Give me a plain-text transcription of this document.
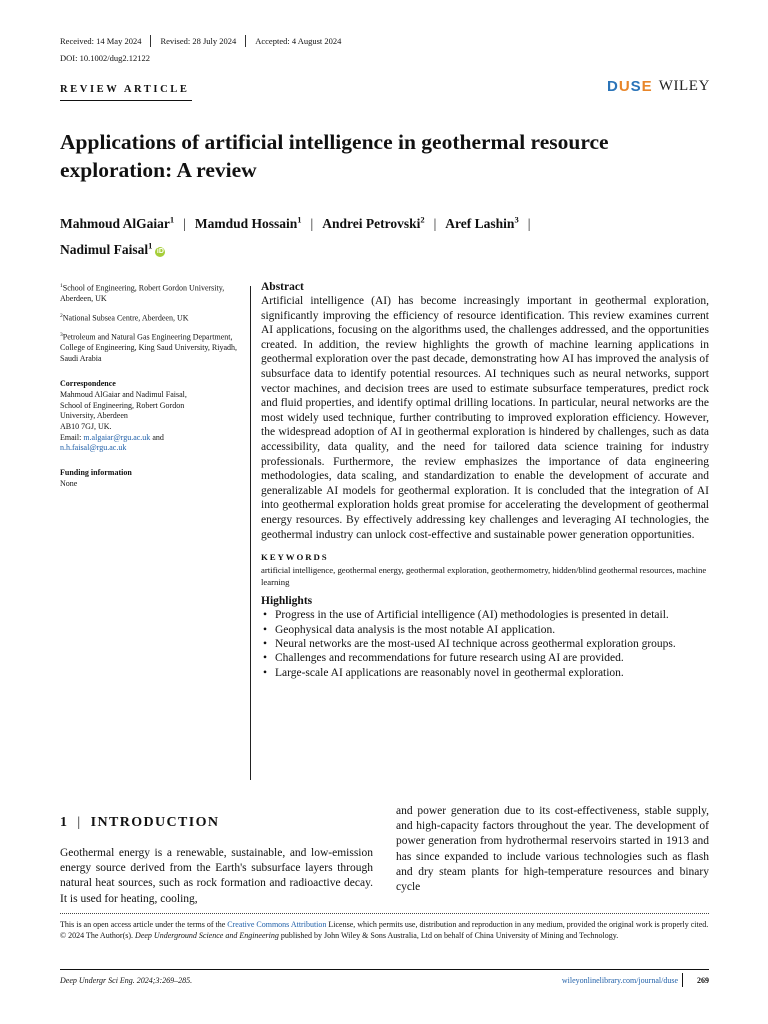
Received: 14 May 2024 Revised: 28 July 2024 Accepted: 4 August 2024
DOI: 10.1002/dug2.12122
REVIEW ARTICLE	DUSE WILEY
Applications of artificial intelligence in geothermal resource exploration: A review
Mahmoud AlGaiar$^1$ | Mamdud Hossain$^1$ | Andrei Petrovski$^2$ | Aref Lashin$^3$ |
Nadimul Faisal$^1$iD

$^1$School of Engineering, Robert Gordon University, Aberdeen, UK

$^2$National Subsea Centre, Aberdeen, UK

$^3$Petroleum and Natural Gas Engineering Department, College of Engineering, King Saud University, Riyadh, Saudi Arabia

Correspondence

Mahmoud AlGaiar and Nadimul Faisal,
School of Engineering, Robert Gordon
University, Aberdeen
AB10 7GJ, UK.
Email: m.algaiar@rgu.ac.uk and
n.h.faisal@rgu.ac.uk

Funding information

None
Abstract
Artificial intelligence (AI) has become increasingly important in geothermal exploration, significantly improving the efficiency of resource identification. This review examines current AI applications, focusing on the algorithms used, the challenges addressed, and the opportunities created. In addition, the review highlights the growth of machine learning applications in geothermal exploration over the past decade, demonstrating how AI has improved the analysis of subsurface data to identify potential resources. AI techniques such as neural networks, support vector machines, and decision trees are used to estimate subsurface temperatures, predict rock and fluid properties, and identify optimal drilling locations. In particular, neural networks are the most widely used technique, further contributing to improved exploration efficiency. However, the widespread adoption of AI in geothermal exploration is hindered by challenges, such as data accessibility, data quality, and the need for tailored data science training for industry professionals. Furthermore, the review emphasizes the importance of data engineering methodologies, data scaling, and standardization to enable the development of accurate and generalizable AI models for geothermal exploration. It is concluded that the integration of AI into geothermal exploration holds great promise for accelerating the development of geothermal energy resources. By effectively addressing key challenges and leveraging AI technologies, the geothermal industry can unlock cost-effective and sustainable power generation opportunities.
KEYWORDS
artificial intelligence, geothermal energy, geothermal exploration, geothermometry, hidden/blind geothermal resources, machine learning
Highlights
• Progress in the use of Artificial intelligence (AI) methodologies is presented in detail.
• Geophysical data analysis is the most notable AI application.
• Neural networks are the most-used AI technique across geothermal exploration groups.
• Challenges and recommendations for future research using AI are provided.
• Large-scale AI applications are reasonably novel in geothermal exploration.
1 | INTRODUCTION
Geothermal energy is a renewable, sustainable, and low-emission energy source derived from the Earth's subsurface layers through natural heat sources, such as rock formation and radioactive decay. It is used for heating, cooling,
and power generation due to its cost-effectiveness, stable supply, and high-capacity factors throughout the year. The development of power generation from hydrothermal reservoirs started in 1913 and has since expanded to include various technologies such as flash and dry steam plants for high-temperature resources and binary cycle

This is an open access article under the terms of the Creative Commons Attribution License, which permits use, distribution and reproduction in any medium, provided the original work is properly cited.

© 2024 The Author(s). Deep Underground Science and Engineering published by John Wiley & Sons Australia, Ltd on behalf of China University of Mining and Technology.

Deep Undergr Sci Eng. 2024;3:269–285.	wileyonlinelibrary.com/journal/duse 269
